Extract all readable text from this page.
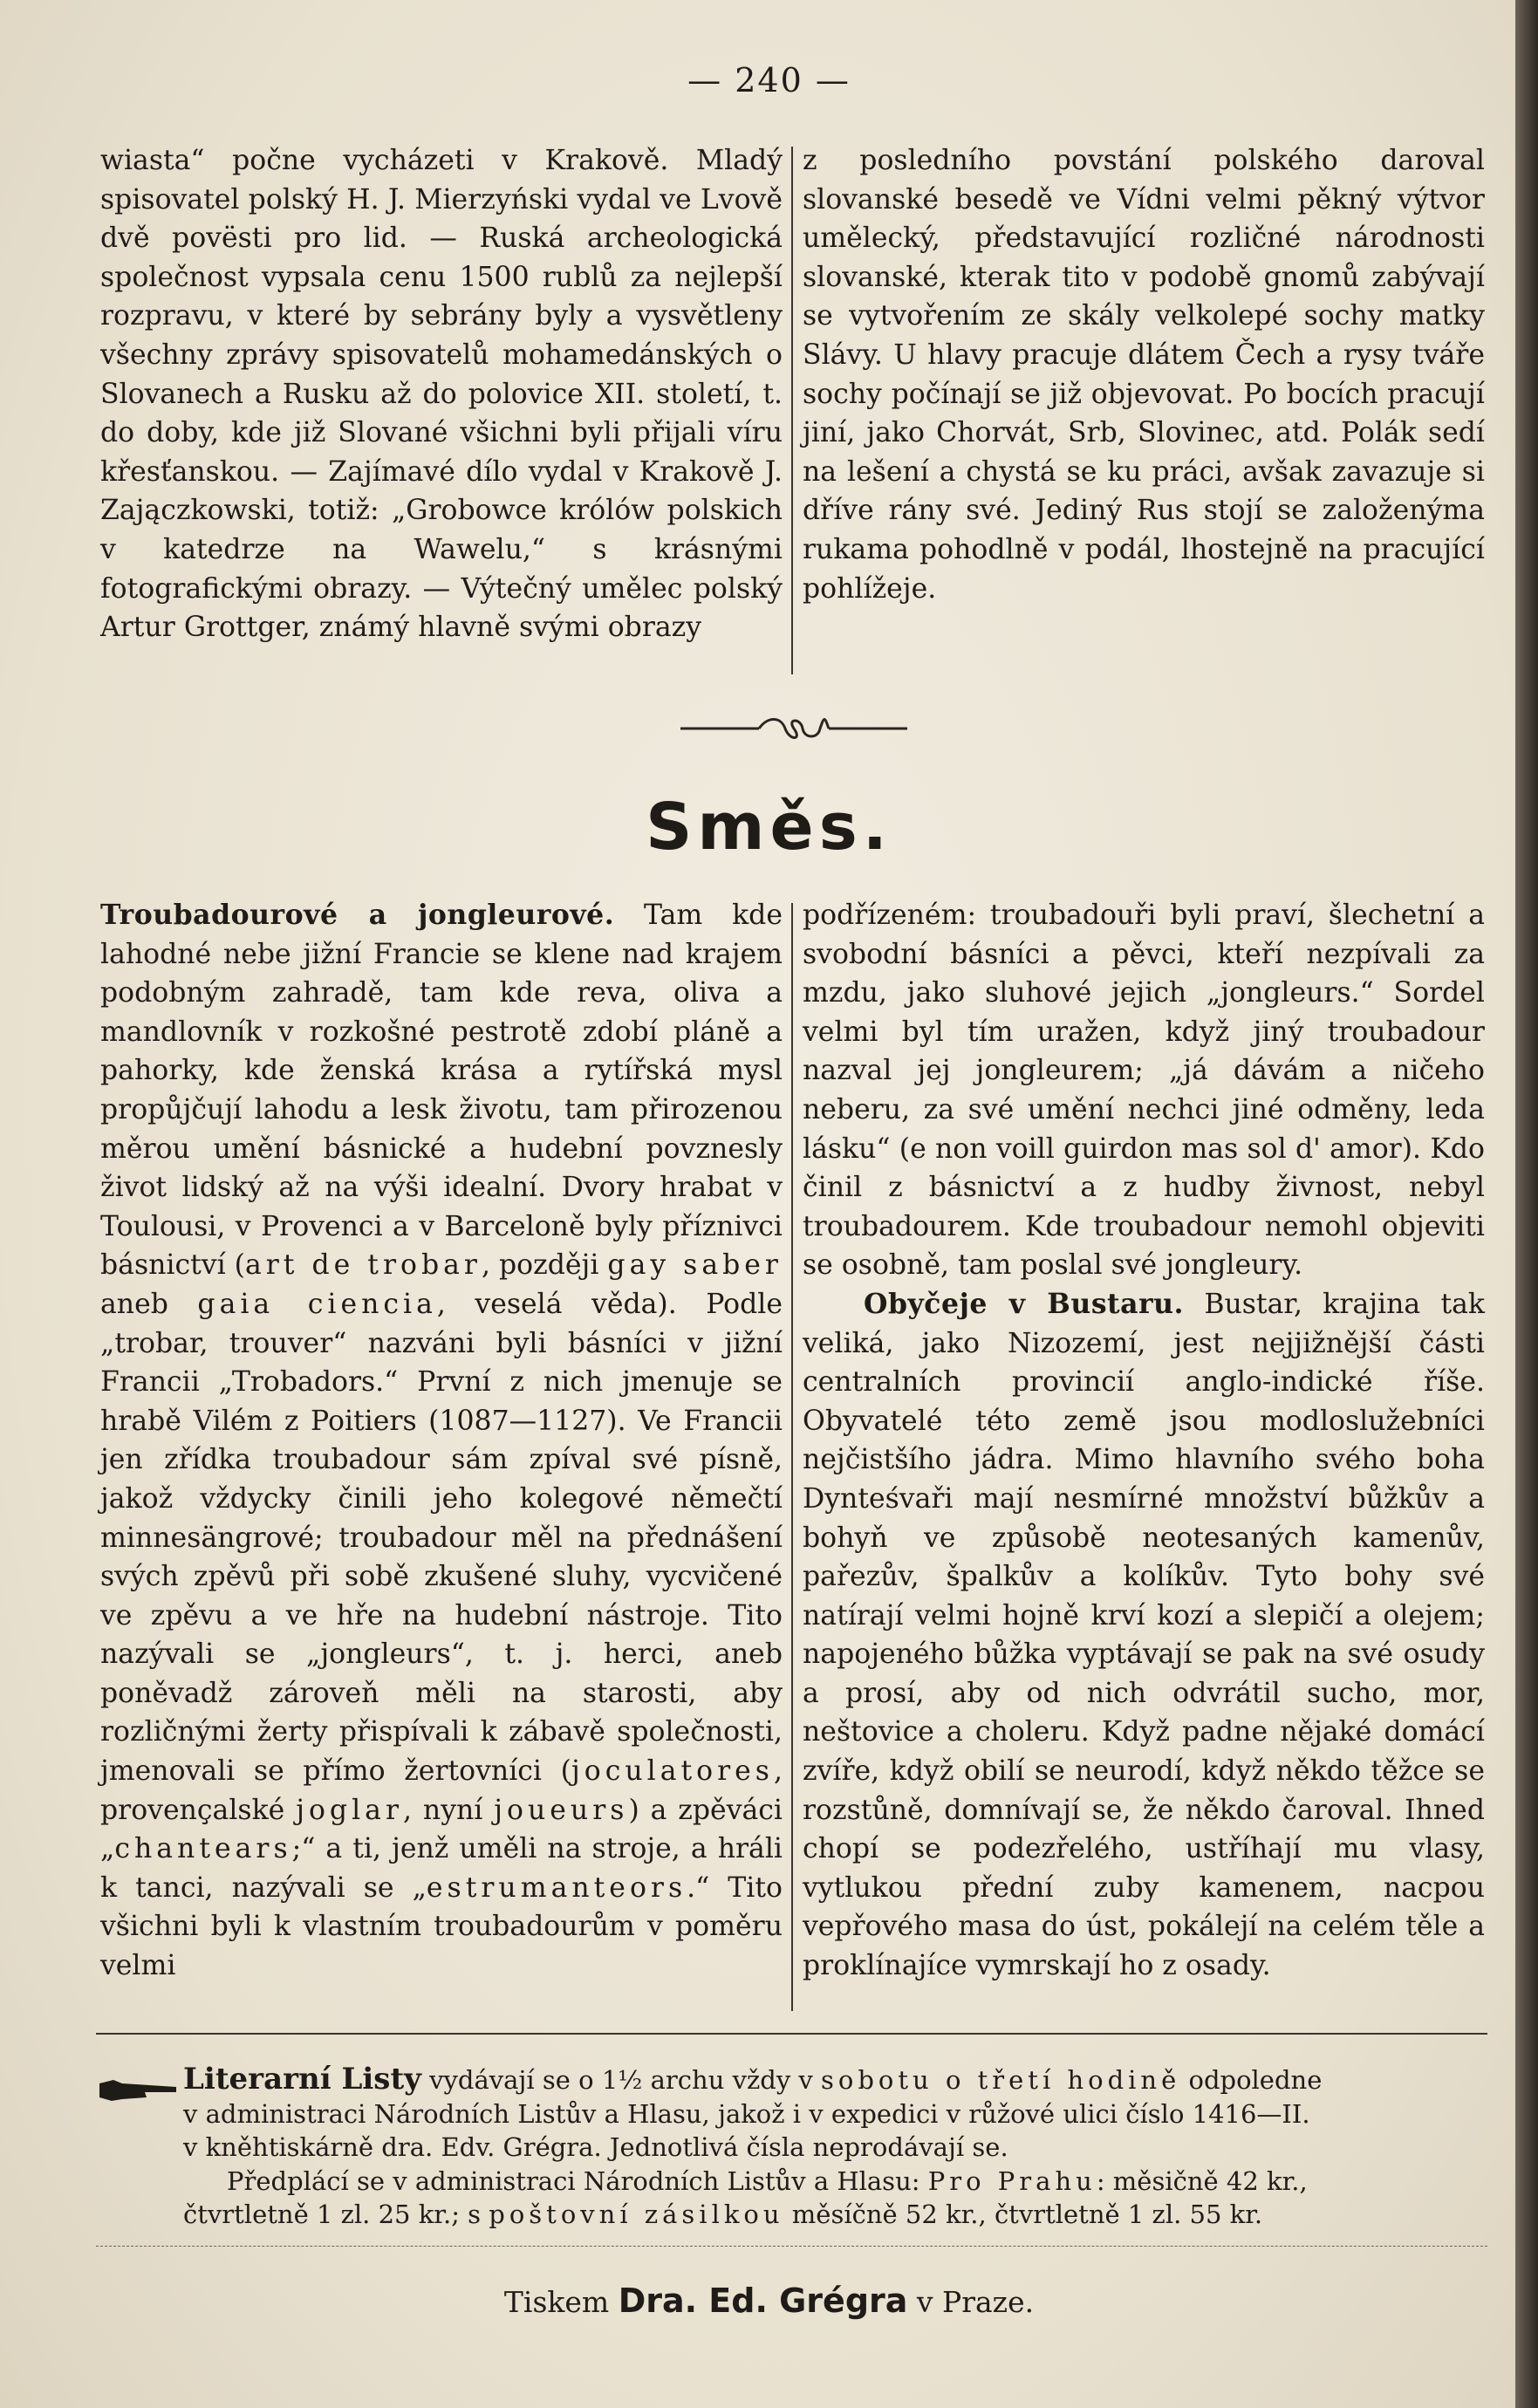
— 240 —

wiasta“ počne vycházeti v Krakově. Mladý spisovatel polský H. J. Mierzyński vydal ve Lvově dvě povësti pro lid. — Ruská archeologická společnost vypsala cenu 1500 rublů za nejlepší rozpravu, v které by sebrány byly a vysvětleny všechny zprávy spisovatelů mohamedánských o Slovanech a Rusku až do polovice XII. století, t. do doby, kde již Slované všichni byli přijali víru křesťanskou. — Zajímavé dílo vydal v Krakově J. Zajączkowski, totiž: „Grobowce królów polskich v katedrze na Wawelu,“ s krásnými fotografickými obrazy. — Výtečný umělec polský Artur Grottger, známý hlavně svými obrazy

z posledního povstání polského daroval slovanské besedě ve Vídni velmi pěkný výtvor umělecký, představující rozličné národnosti slovanské, kterak tito v podobě gnomů zabývají se vytvořením ze skály velkolepé sochy matky Slávy. U hlavy pracuje dlátem Čech a rysy tváře sochy počínají se již objevovat. Po bocích pracují jiní, jako Chorvát, Srb, Slovinec, atd. Polák sedí na lešení a chystá se ku práci, avšak zavazuje si dříve rány své. Jediný Rus stojí se založenýma rukama pohodlně v podál, lhostejně na pracující pohlížeje.

Směs.

Troubadourové a jongleurové. Tam kde lahodné nebe jižní Francie se klene nad krajem podobným zahradě, tam kde reva, oliva a mandlovník v rozkošné pestrotě zdobí pláně a pahorky, kde ženská krása a rytířská mysl propůjčují lahodu a lesk životu, tam přirozenou měrou umění básnické a hudební povznesly život lidský až na výši idealní. Dvory hrabat v Toulousi, v Provenci a v Barceloně byly příznivci básnictví (art de trobar, později gay saber aneb gaia ciencia, veselá věda). Podle „trobar, trouver“ nazváni byli básníci v jižní Francii „Trobadors.“ První z nich jmenuje se hrabě Vilém z Poitiers (1087—1127). Ve Francii jen zřídka troubadour sám zpíval své písně, jakož vždycky činili jeho kolegové němečtí minnesängrové; troubadour měl na přednášení svých zpěvů při sobě zkušené sluhy, vycvičené ve zpěvu a ve hře na hudební nástroje. Tito nazývali se „jongleurs“, t. j. herci, aneb poněvadž zároveň měli na starosti, aby rozličnými žerty přispívali k zábavě společnosti, jmenovali se přímo žertovníci (joculatores, provençalské joglar, nyní joueurs) a zpěváci „chantears;“ a ti, jenž uměli na stroje, a hráli k tanci, nazývali se „estrumanteors.“ Tito všichni byli k vlastním troubadourům v poměru velmi

podřízeném: troubadouři byli praví, šlechetní a svobodní básníci a pěvci, kteří nezpívali za mzdu, jako sluhové jejich „jongleurs.“ Sordel velmi byl tím uražen, když jiný troubadour nazval jej jongleurem; „já dávám a ničeho neberu, za své umění nechci jiné odměny, leda lásku“ (e non voill guirdon mas sol d' amor). Kdo činil z básnictví a z hudby živnost, nebyl troubadourem. Kde troubadour nemohl objeviti se osobně, tam poslal své jongleury.

Obyčeje v Bustaru. Bustar, krajina tak veliká, jako Nizozemí, jest nejjižnější části centralních provincií anglo-indické říše. Obyvatelé této země jsou modloslužebníci nejčistšího jádra. Mimo hlavního svého boha Dynteśvaři mají nesmírné množství bůžkův a bohyň ve způsobě neotesaných kamenův, pařezův, špalkův a kolíkův. Tyto bohy své natírají velmi hojně krví kozí a slepičí a olejem; napojeného bůžka vyptávají se pak na své osudy a prosí, aby od nich odvrátil sucho, mor, neštovice a choleru. Když padne nějaké domácí zvíře, když obilí se neurodí, když někdo těžce se rozstůně, domnívají se, že někdo čaroval. Ihned chopí se podezřelého, ustříhají mu vlasy, vytlukou přední zuby kamenem, nacpou vepřového masa do úst, pokálejí na celém těle a proklínajíce vymrskají ho z osady.

Literarní Listy vydávají se o 1½ archu vždy v sobotu o třetí hodině odpoledne

v administraci Národních Listův a Hlasu, jakož i v expedici v růžové ulici číslo 1416—II.

v kněhtiskárně dra. Edv. Grégra. Jednotlivá čísla neprodávají se.

Předplácí se v administraci Národních Listův a Hlasu: Pro Prahu: měsičně 42 kr.,

čtvrtletně 1 zl. 25 kr.; s poštovní zásilkou měsíčně 52 kr., čtvrtletně 1 zl. 55 kr.

Tiskem Dra. Ed. Grégra v Praze.
